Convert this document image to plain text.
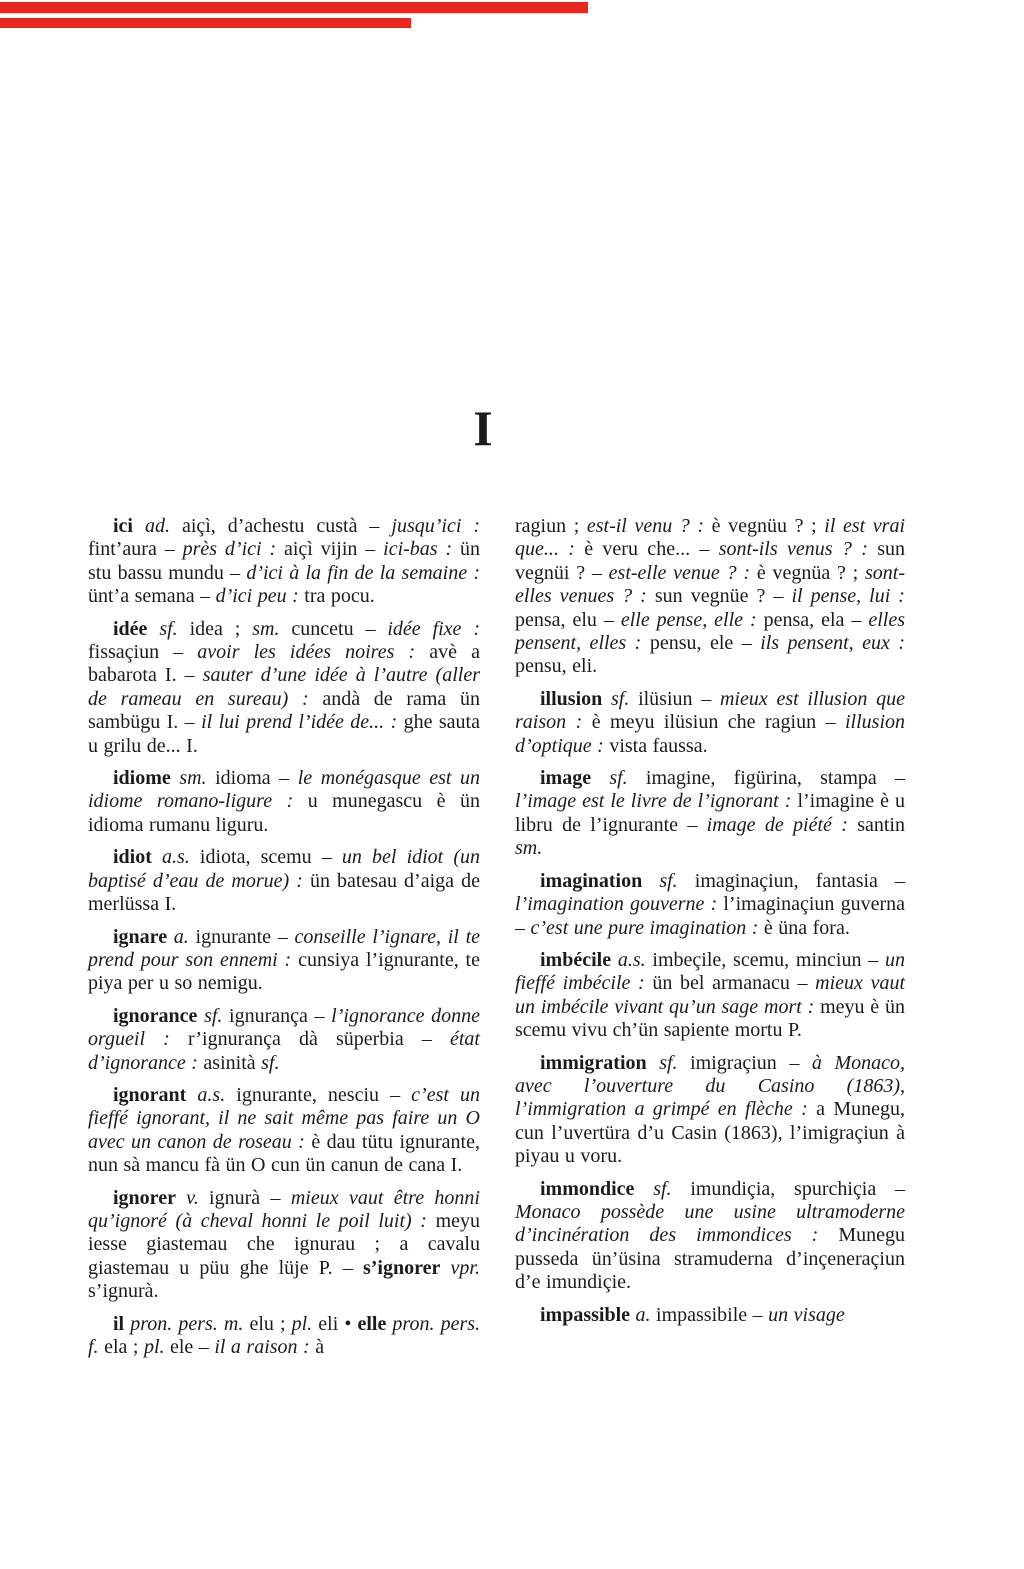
I

ici ad. aiçì, d’achestu custà – jusqu’ici : fint’aura – près d’ici : aiçì vijin – ici-bas : ün stu bassu mundu – d’ici à la fin de la semaine : ünt’a semana – d’ici peu : tra pocu.

idée sf. idea ; sm. cuncetu – idée fixe : fissaçiun – avoir les idées noires : avè a babarota I. – sauter d’une idée à l’autre (aller de rameau en sureau) : andà de rama ün sambügu I. – il lui prend l’idée de... : ghe sauta u grilu de... I.

idiome sm. idioma – le monégasque est un idiome romano-ligure : u munegascu è ün idioma rumanu liguru.

idiot a.s. idiota, scemu – un bel idiot (un baptisé d’eau de morue) : ün batesau d’aiga de merlüssa I.

ignare a. ignurante – conseille l’ignare, il te prend pour son ennemi : cunsiya l’ignurante, te piya per u so nemigu.

ignorance sf. ignurança – l’ignorance donne orgueil : r’ignurança dà süperbia – état d’ignorance : asinità sf.

ignorant a.s. ignurante, nesciu – c’est un fieffé ignorant, il ne sait même pas faire un O avec un canon de roseau : è dau tütu ignurante, nun sà mancu fà ün O cun ün canun de cana I.

ignorer v. ignurà – mieux vaut être honni qu’ignoré (à cheval honni le poil luit) : meyu iesse giastemau che ignurau ; a cavalu giastemau u püu ghe lüje P. – s’ignorer vpr. s’ignurà.

il pron. pers. m. elu ; pl. eli • elle pron. pers. f. ela ; pl. ele – il a raison : à

ragiun ; est-il venu ? : è vegnüu ? ; il est vrai que... : è veru che... – sont-ils venus ? : sun vegnüi ? – est-elle venue ? : è vegnüa ? ; sont-elles venues ? : sun vegnüe ? – il pense, lui : pensa, elu – elle pense, elle : pensa, ela – elles pensent, elles : pensu, ele – ils pensent, eux : pensu, eli.

illusion sf. ilüsiun – mieux est illusion que raison : è meyu ilüsiun che ragiun – illusion d’optique : vista faussa.

image sf. imagine, figürina, stampa – l’image est le livre de l’ignorant : l’imagine è u libru de l’ignurante – image de piété : santin sm.

imagination sf. imaginaçiun, fantasia – l’imagination gouverne : l’imaginaçiun guverna – c’est une pure imagination : è üna fora.

imbécile a.s. imbeçile, scemu, minciun – un fieffé imbécile : ün bel armanacu – mieux vaut un imbécile vivant qu’un sage mort : meyu è ün scemu vivu ch’ün sapiente mortu P.

immigration sf. imigraçiun – à Monaco, avec l’ouverture du Casino (1863), l’immigration a grimpé en flèche : a Munegu, cun l’uvertüra d’u Casin (1863), l’imigraçiun à piyau u voru.

immondice sf. imundiçia, spurchiçia – Monaco possède une usine ultramoderne d’incinération des immondices : Munegu pusseda ün’üsina stramuderna d’inçeneraçiun d’e imundiçie.

impassible a. impassibile – un visage
